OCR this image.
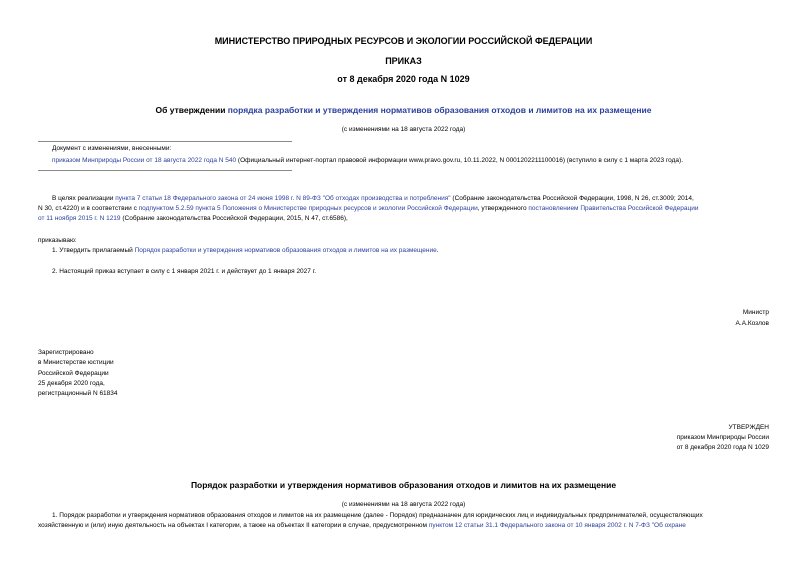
МИНИСТЕРСТВО ПРИРОДНЫХ РЕСУРСОВ И ЭКОЛОГИИ РОССИЙСКОЙ ФЕДЕРАЦИИ
ПРИКАЗ
от 8 декабря 2020 года N 1029
Об утверждении порядка разработки и утверждения нормативов образования отходов и лимитов на их размещение
(с изменениями на 18 августа 2022 года)
Документ с изменениями, внесенными:
приказом Минприроды России от 18 августа 2022 года N 540 (Официальный интернет-портал правовой информации www.pravo.gov.ru, 10.11.2022, N 0001202211100016) (вступило в силу с 1 марта 2023 года).
В целях реализации пункта 7 статьи 18 Федерального закона от 24 июня 1998 г. N 89-ФЗ "Об отходах производства и потребления" (Собрание законодательства Российской Федерации, 1998, N 26, ст.3009; 2014,
N 30, ст.4220) и в соответствии с подпунктом 5.2.59 пункта 5 Положения о Министерстве природных ресурсов и экологии Российской Федерации, утвержденного постановлением Правительства Российской Федерации
от 11 ноября 2015 г. N 1219 (Собрание законодательства Российской Федерации, 2015, N 47, ст.6586),
приказываю:
1. Утвердить прилагаемый Порядок разработки и утверждения нормативов образования отходов и лимитов на их размещение.
2. Настоящий приказ вступает в силу с 1 января 2021 г. и действует до 1 января 2027 г.
Министр
А.А.Козлов
Зарегистрировано
в Министерстве юстиции
Российской Федерации
25 декабря 2020 года,
регистрационный N 61834
УТВЕРЖДЕН
приказом Минприроды России
от 8 декабря 2020 года N 1029
Порядок разработки и утверждения нормативов образования отходов и лимитов на их размещение
(с изменениями на 18 августа 2022 года)
1. Порядок разработки и утверждения нормативов образования отходов и лимитов на их размещение (далее - Порядок) предназначен для юридических лиц и индивидуальных предпринимателей, осуществляющих
хозяйственную и (или) иную деятельность на объектах I категории, а также на объектах II категории в случае, предусмотренном пунктом 12 статьи 31.1 Федерального закона от 10 января 2002 г. N 7-ФЗ "Об охране
